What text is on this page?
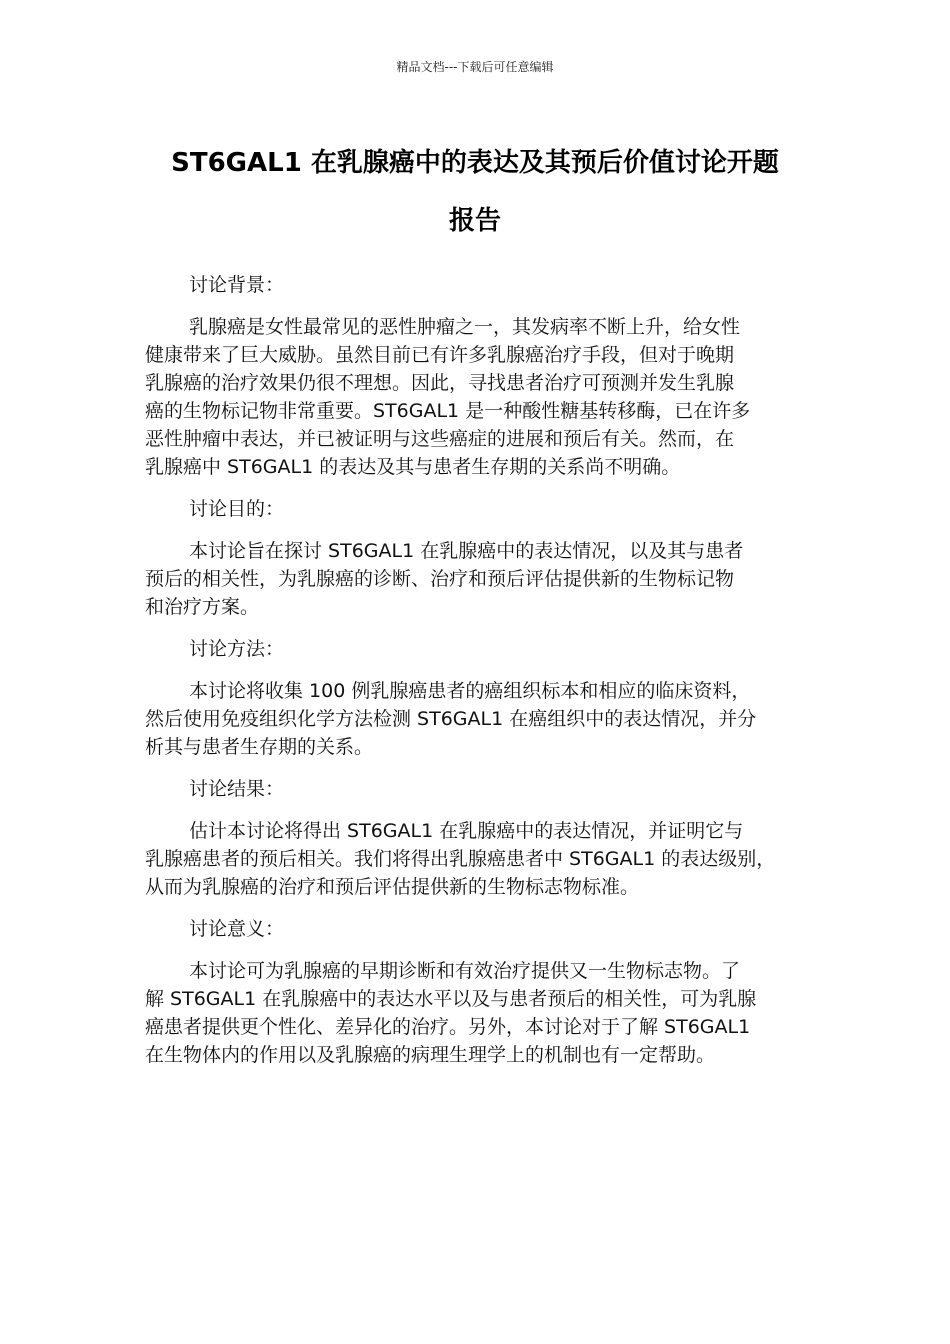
精品文档---下载后可任意编辑
ST6GAL1 在乳腺癌中的表达及其预后价值讨论开题
报告

讨论背景：

乳腺癌是女性最常见的恶性肿瘤之一，其发病率不断上升，给女性
健康带来了巨大威胁。虽然目前已有许多乳腺癌治疗手段，但对于晚期
乳腺癌的治疗效果仍很不理想。因此，寻找患者治疗可预测并发生乳腺
癌的生物标记物非常重要。ST6GAL1 是一种酸性糖基转移酶，已在许多
恶性肿瘤中表达，并已被证明与这些癌症的进展和预后有关。然而，在
乳腺癌中 ST6GAL1 的表达及其与患者生存期的关系尚不明确。

讨论目的：

本讨论旨在探讨 ST6GAL1 在乳腺癌中的表达情况，以及其与患者
预后的相关性，为乳腺癌的诊断、治疗和预后评估提供新的生物标记物
和治疗方案。

讨论方法：

本讨论将收集 100 例乳腺癌患者的癌组织标本和相应的临床资料，
然后使用免疫组织化学方法检测 ST6GAL1 在癌组织中的表达情况，并分
析其与患者生存期的关系。

讨论结果：

估计本讨论将得出 ST6GAL1 在乳腺癌中的表达情况，并证明它与
乳腺癌患者的预后相关。我们将得出乳腺癌患者中 ST6GAL1 的表达级别，
从而为乳腺癌的治疗和预后评估提供新的生物标志物标准。

讨论意义：

本讨论可为乳腺癌的早期诊断和有效治疗提供又一生物标志物。了
解 ST6GAL1 在乳腺癌中的表达水平以及与患者预后的相关性，可为乳腺
癌患者提供更个性化、差异化的治疗。另外，本讨论对于了解 ST6GAL1
在生物体内的作用以及乳腺癌的病理生理学上的机制也有一定帮助。
